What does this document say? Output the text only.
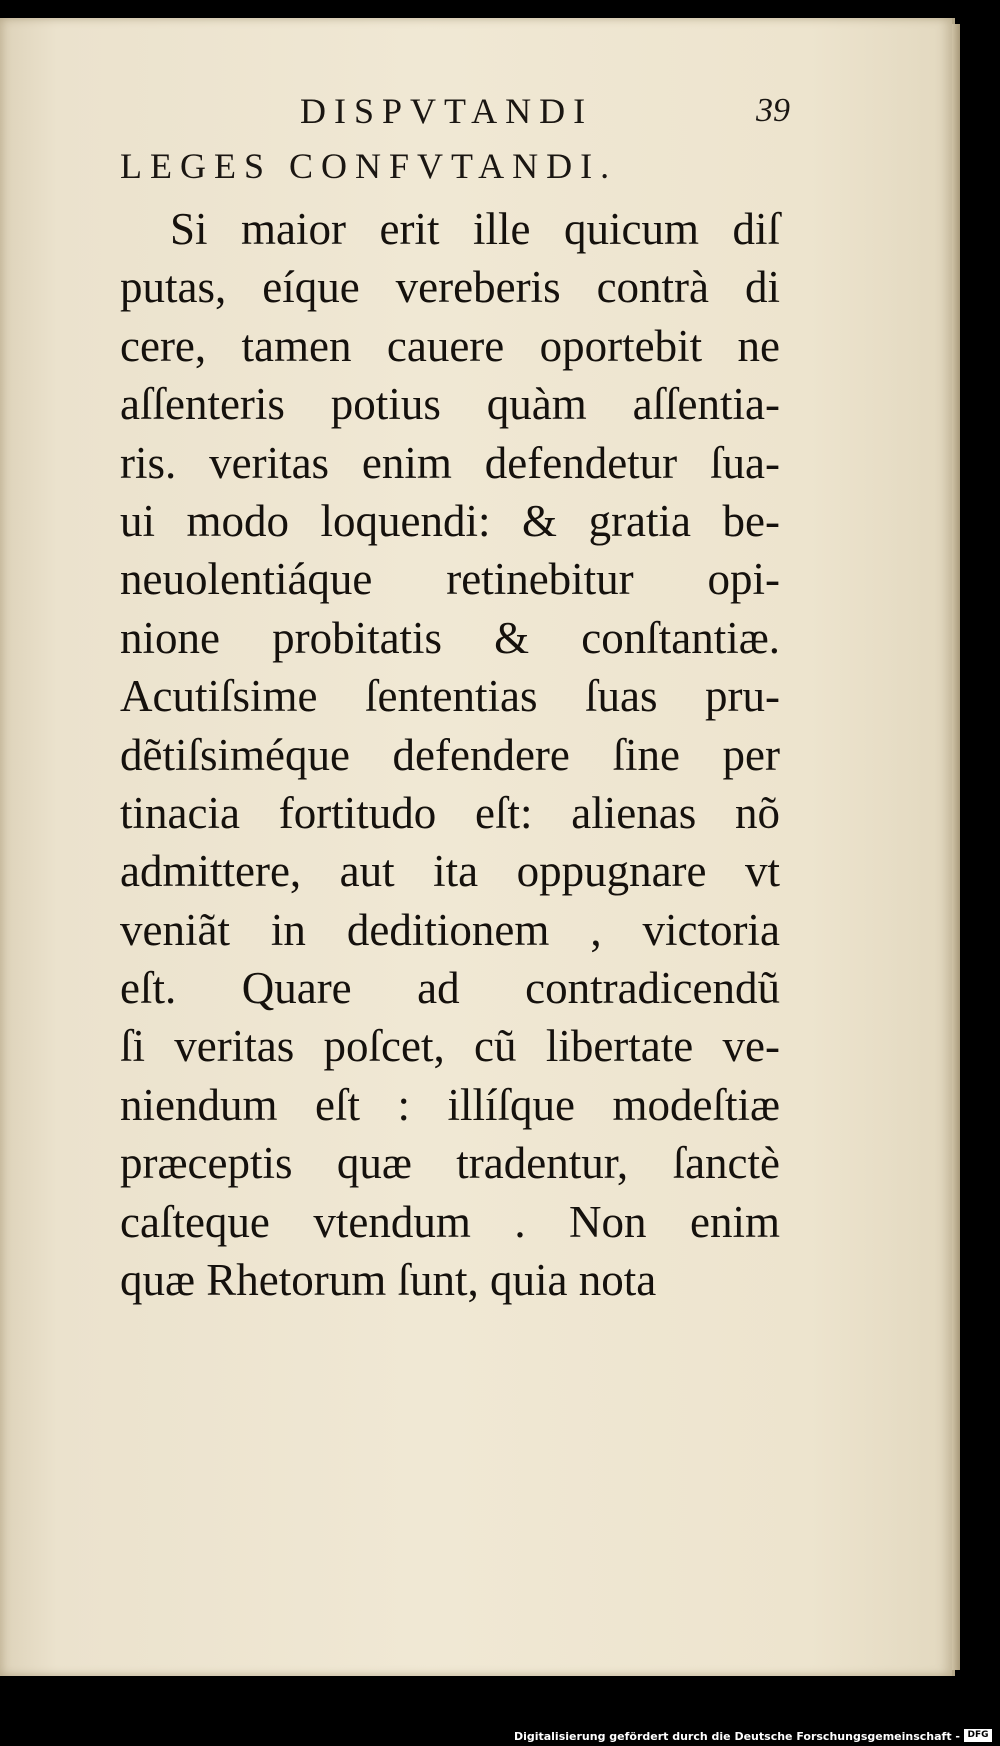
DISPVTANDI	39
LEGES CONFVTANDI.
Si maior erit ille quicum diſ
putas, eíque vereberis contrà di
cere, tamen cauere oportebit ne
aſſenteris potius quàm aſſentia-
ris. veritas enim defendetur ſua-
ui modo loquendi: & gratia be-
neuolentiáque retinebitur opi-
nione probitatis & conſtantiæ.
Acutiſsime ſententias ſuas pru-
dẽtiſsiméque defendere ſine per
tinacia fortitudo eſt: alienas nõ
admittere, aut ita oppugnare vt
veniãt in deditionem , victoria
eſt. Quare ad contradicendũ
ſi veritas poſcet, cũ libertate ve-
niendum eſt : illíſque modeſtiæ
præceptis quæ tradentur, ſanctè
caſteque vtendum . Non enim
quæ Rhetorum ſunt, quia nota
Digitalisierung gefördert durch die Deutsche Forschungsgemeinschaft - DFG
